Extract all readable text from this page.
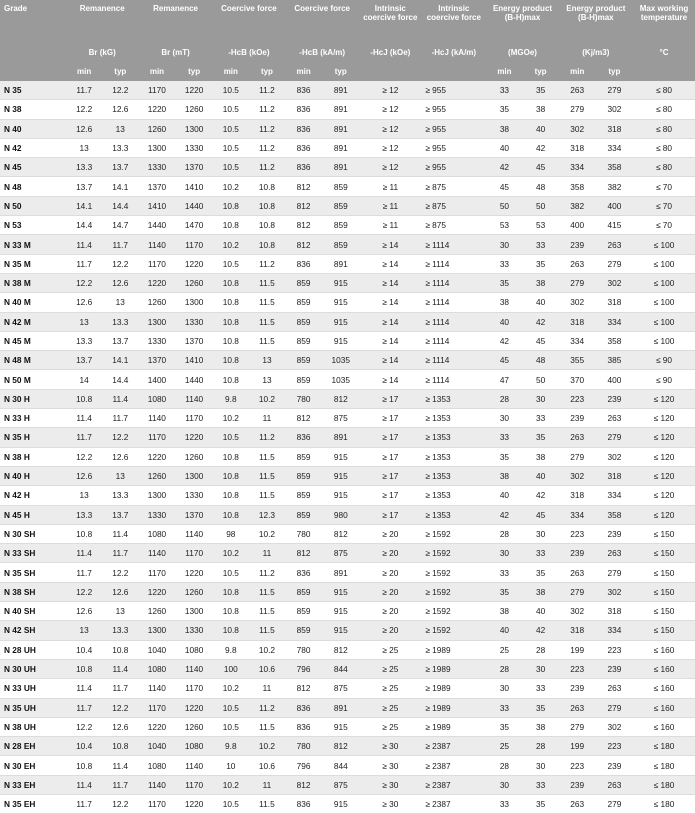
Grade	Remanence		Remanence		Coercive force		Coercive force		Intrinsic coercive force	Intrinsic coercive force	Energy product (B-H)max		Energy product (B-H)max		Max working temperature
	Br (kG)		Br (mT)		-HcB (kOe)		-HcB (kA/m)		-HcJ (kOe)	-HcJ (kA/m)	(MGOe)		(Kj/m3)		°C
	min	typ	min	typ	min	typ	min	typ			min	typ	min	typ	
N 35	11.7	12.2	1170	1220	10.5	11.2	836	891	≥ 12	≥ 955	33	35	263	279	≤ 80
N 38	12.2	12.6	1220	1260	10.5	11.2	836	891	≥ 12	≥ 955	35	38	279	302	≤ 80
N 40	12.6	13	1260	1300	10.5	11.2	836	891	≥ 12	≥ 955	38	40	302	318	≤ 80
N 42	13	13.3	1300	1330	10.5	11.2	836	891	≥ 12	≥ 955	40	42	318	334	≤ 80
N 45	13.3	13.7	1330	1370	10.5	11.2	836	891	≥ 12	≥ 955	42	45	334	358	≤ 80
N 48	13.7	14.1	1370	1410	10.2	10.8	812	859	≥ 11	≥ 875	45	48	358	382	≤ 70
N 50	14.1	14.4	1410	1440	10.8	10.8	812	859	≥ 11	≥ 875	50	50	382	400	≤ 70
N 53	14.4	14.7	1440	1470	10.8	10.8	812	859	≥ 11	≥ 875	53	53	400	415	≤ 70
N 33 M	11.4	11.7	1140	1170	10.2	10.8	812	859	≥ 14	≥ 1114	30	33	239	263	≤ 100
N 35 M	11.7	12.2	1170	1220	10.5	11.2	836	891	≥ 14	≥ 1114	33	35	263	279	≤ 100
N 38 M	12.2	12.6	1220	1260	10.8	11.5	859	915	≥ 14	≥ 1114	35	38	279	302	≤ 100
N 40 M	12.6	13	1260	1300	10.8	11.5	859	915	≥ 14	≥ 1114	38	40	302	318	≤ 100
N 42 M	13	13.3	1300	1330	10.8	11.5	859	915	≥ 14	≥ 1114	40	42	318	334	≤ 100
N 45 M	13.3	13.7	1330	1370	10.8	11.5	859	915	≥ 14	≥ 1114	42	45	334	358	≤ 100
N 48 M	13.7	14.1	1370	1410	10.8	13	859	1035	≥ 14	≥ 1114	45	48	355	385	≤ 90
N 50 M	14	14.4	1400	1440	10.8	13	859	1035	≥ 14	≥ 1114	47	50	370	400	≤ 90
N 30 H	10.8	11.4	1080	1140	9.8	10.2	780	812	≥ 17	≥ 1353	28	30	223	239	≤ 120
N 33 H	11.4	11.7	1140	1170	10.2	11	812	875	≥ 17	≥ 1353	30	33	239	263	≤ 120
N 35 H	11.7	12.2	1170	1220	10.5	11.2	836	891	≥ 17	≥ 1353	33	35	263	279	≤ 120
N 38 H	12.2	12.6	1220	1260	10.8	11.5	859	915	≥ 17	≥ 1353	35	38	279	302	≤ 120
N 40 H	12.6	13	1260	1300	10.8	11.5	859	915	≥ 17	≥ 1353	38	40	302	318	≤ 120
N 42 H	13	13.3	1300	1330	10.8	11.5	859	915	≥ 17	≥ 1353	40	42	318	334	≤ 120
N 45 H	13.3	13.7	1330	1370	10.8	12.3	859	980	≥ 17	≥ 1353	42	45	334	358	≤ 120
N 30 SH	10.8	11.4	1080	1140	98	10.2	780	812	≥ 20	≥ 1592	28	30	223	239	≤ 150
N 33 SH	11.4	11.7	1140	1170	10.2	11	812	875	≥ 20	≥ 1592	30	33	239	263	≤ 150
N 35 SH	11.7	12.2	1170	1220	10.5	11.2	836	891	≥ 20	≥ 1592	33	35	263	279	≤ 150
N 38 SH	12.2	12.6	1220	1260	10.8	11.5	859	915	≥ 20	≥ 1592	35	38	279	302	≤ 150
N 40 SH	12.6	13	1260	1300	10.8	11.5	859	915	≥ 20	≥ 1592	38	40	302	318	≤ 150
N 42 SH	13	13.3	1300	1330	10.8	11.5	859	915	≥ 20	≥ 1592	40	42	318	334	≤ 150
N 28 UH	10.4	10.8	1040	1080	9.8	10.2	780	812	≥ 25	≥ 1989	25	28	199	223	≤ 160
N 30 UH	10.8	11.4	1080	1140	100	10.6	796	844	≥ 25	≥ 1989	28	30	223	239	≤ 160
N 33 UH	11.4	11.7	1140	1170	10.2	11	812	875	≥ 25	≥ 1989	30	33	239	263	≤ 160
N 35 UH	11.7	12.2	1170	1220	10.5	11.2	836	891	≥ 25	≥ 1989	33	35	263	279	≤ 160
N 38 UH	12.2	12.6	1220	1260	10.5	11.5	836	915	≥ 25	≥ 1989	35	38	279	302	≤ 160
N 28 EH	10.4	10.8	1040	1080	9.8	10.2	780	812	≥ 30	≥ 2387	25	28	199	223	≤ 180
N 30 EH	10.8	11.4	1080	1140	10	10.6	796	844	≥ 30	≥ 2387	28	30	223	239	≤ 180
N 33 EH	11.4	11.7	1140	1170	10.2	11	812	875	≥ 30	≥ 2387	30	33	239	263	≤ 180
N 35 EH	11.7	12.2	1170	1220	10.5	11.5	836	915	≥ 30	≥ 2387	33	35	263	279	≤ 180
